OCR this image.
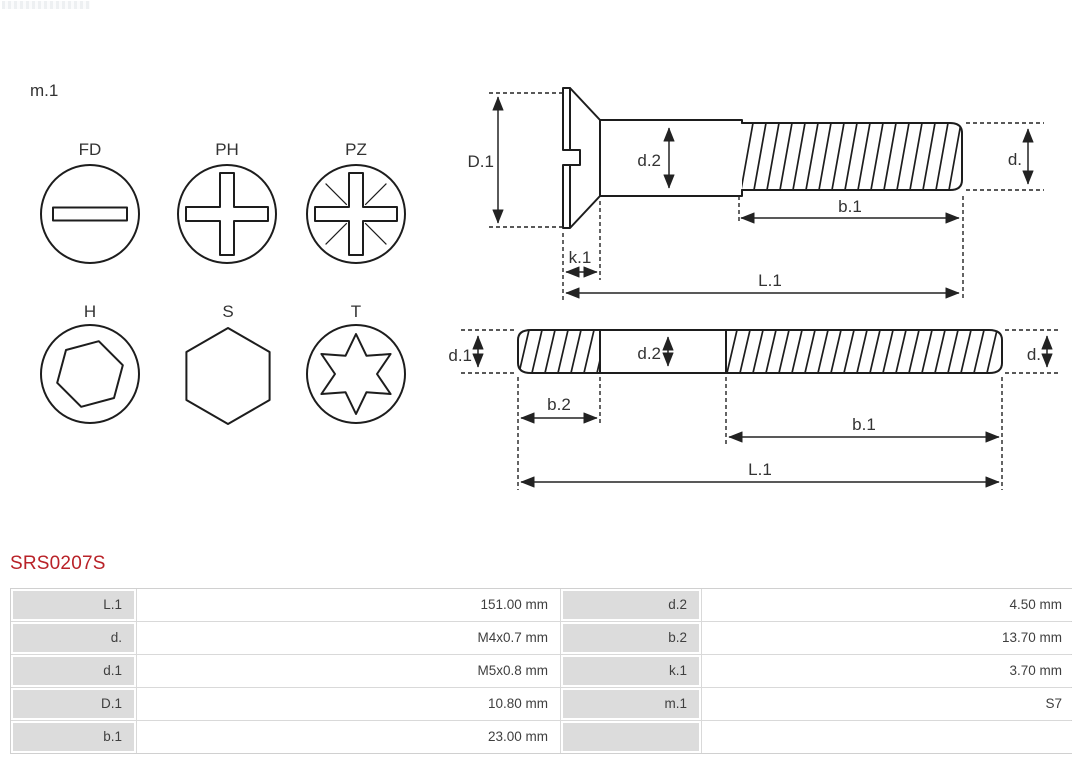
m.1
FD	PH	PZ
H	S	T
D.1	d.2	d.
k.1
b.1
L.1
d.1	d.2	d.
b.2
b.1
L.1
SRS0207S
L.1	151.00 mm	d.2	4.50 mm
d.	M4x0.7 mm	b.2	13.70 mm
d.1	M5x0.8 mm	k.1	3.70 mm
D.1	10.80 mm	m.1	S7
b.1	23.00 mm
